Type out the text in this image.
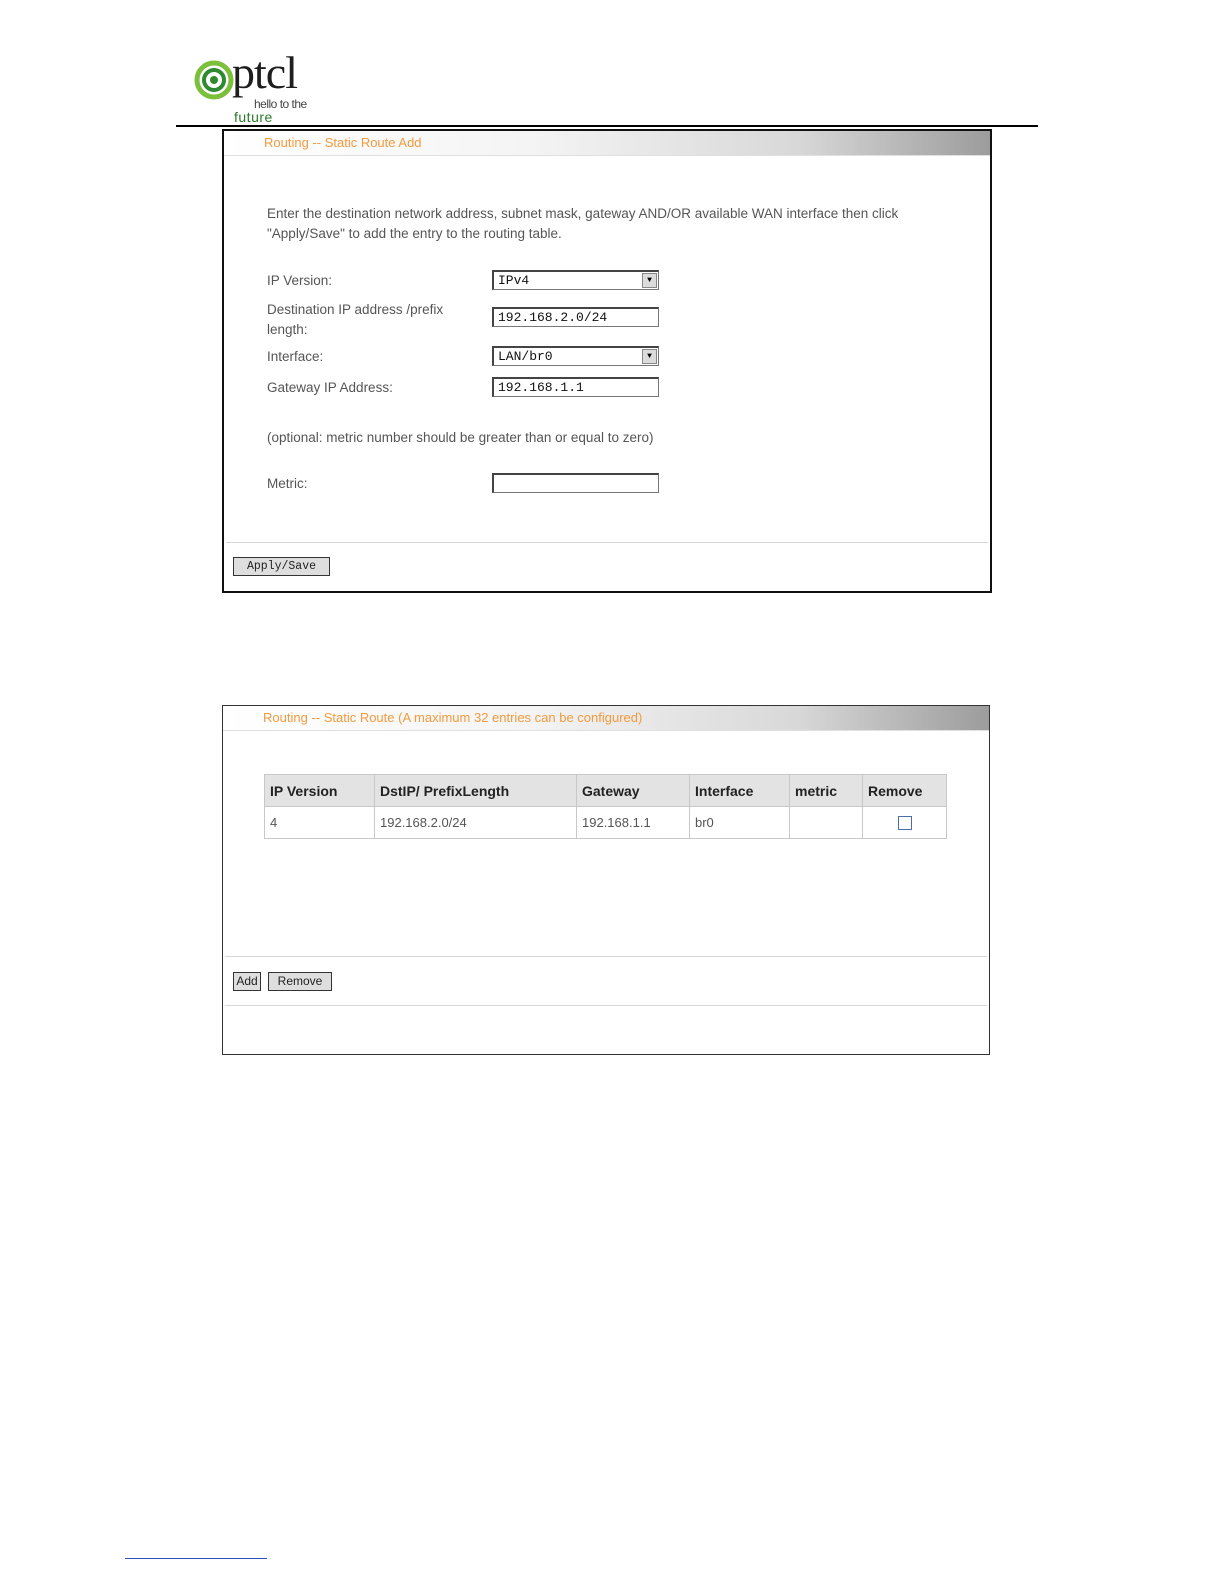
ptcl
hello to the
future
Routing -- Static Route Add
Enter the destination network address, subnet mask, gateway AND/OR available WAN interface then click
"Apply/Save" to add the entry to the routing table.
IP Version:	IPv4	▼
Destination IP address /prefix
length:
192.168.2.0/24
Interface:	LAN/br0	▼
Gateway IP Address:	192.168.1.1
(optional: metric number should be greater than or equal to zero)
Metric:
Apply/Save
Routing -- Static Route (A maximum 32 entries can be configured)
IP Version	DstIP/ PrefixLength	Gateway	Interface	metric	Remove
4	192.168.2.0/24	192.168.1.1	br0		
Add	Remove
